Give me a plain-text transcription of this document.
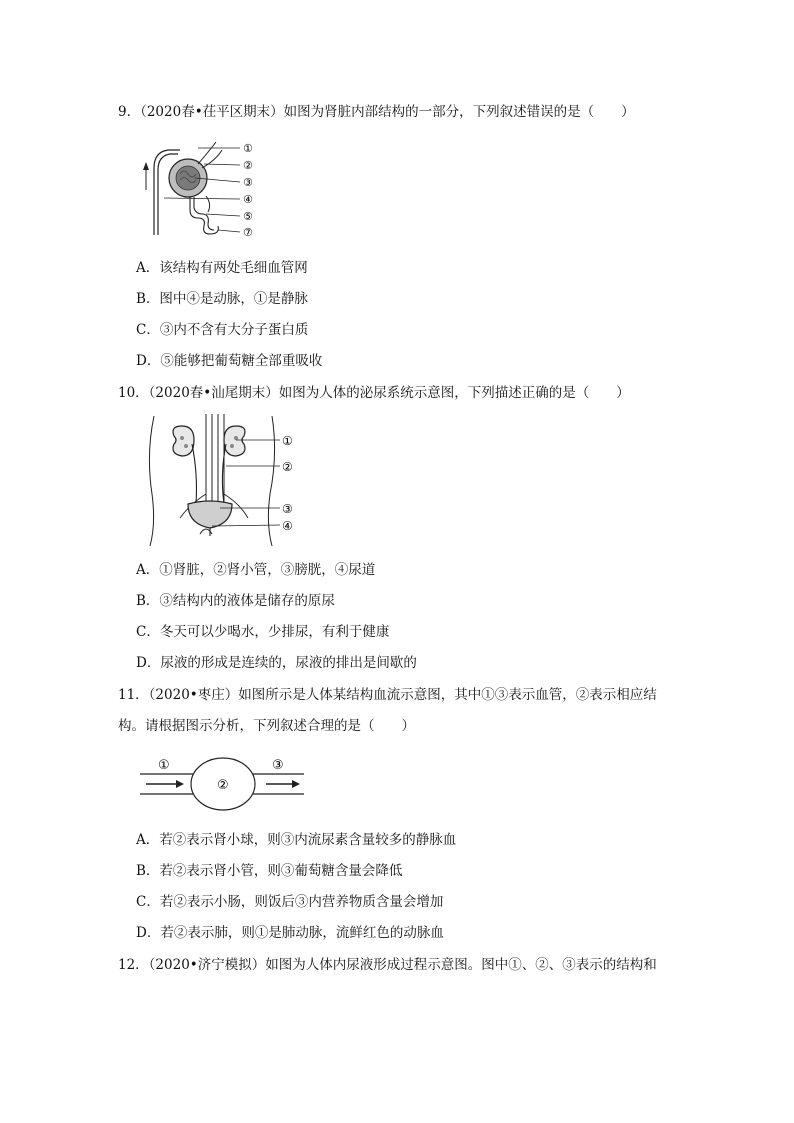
9．（2020春•茌平区期末）如图为肾脏内部结构的一部分，下列叙述错误的是（　　）
①
②
③
④
⑤
⑦
A．该结构有两处毛细血管网
B．图中④是动脉，①是静脉
C．③内不含有大分子蛋白质
D．⑤能够把葡萄糖全部重吸收
10．（2020春•汕尾期末）如图为人体的泌尿系统示意图，下列描述正确的是（　　）
①
②
③
④
A．①肾脏，②肾小管，③膀胱，④尿道
B．③结构内的液体是储存的原尿
C．冬天可以少喝水，少排尿，有利于健康
D．尿液的形成是连续的，尿液的排出是间歇的
11．（2020•枣庄）如图所示是人体某结构血流示意图，其中①③表示血管，②表示相应结
构。请根据图示分析，下列叙述合理的是（　　）
①
②
③
A．若②表示肾小球，则③内流尿素含量较多的静脉血
B．若②表示肾小管，则③葡萄糖含量会降低
C．若②表示小肠，则饭后③内营养物质含量会增加
D．若②表示肺，则①是肺动脉，流鲜红色的动脉血
12．（2020•济宁模拟）如图为人体内尿液形成过程示意图。图中①、②、③表示的结构和
